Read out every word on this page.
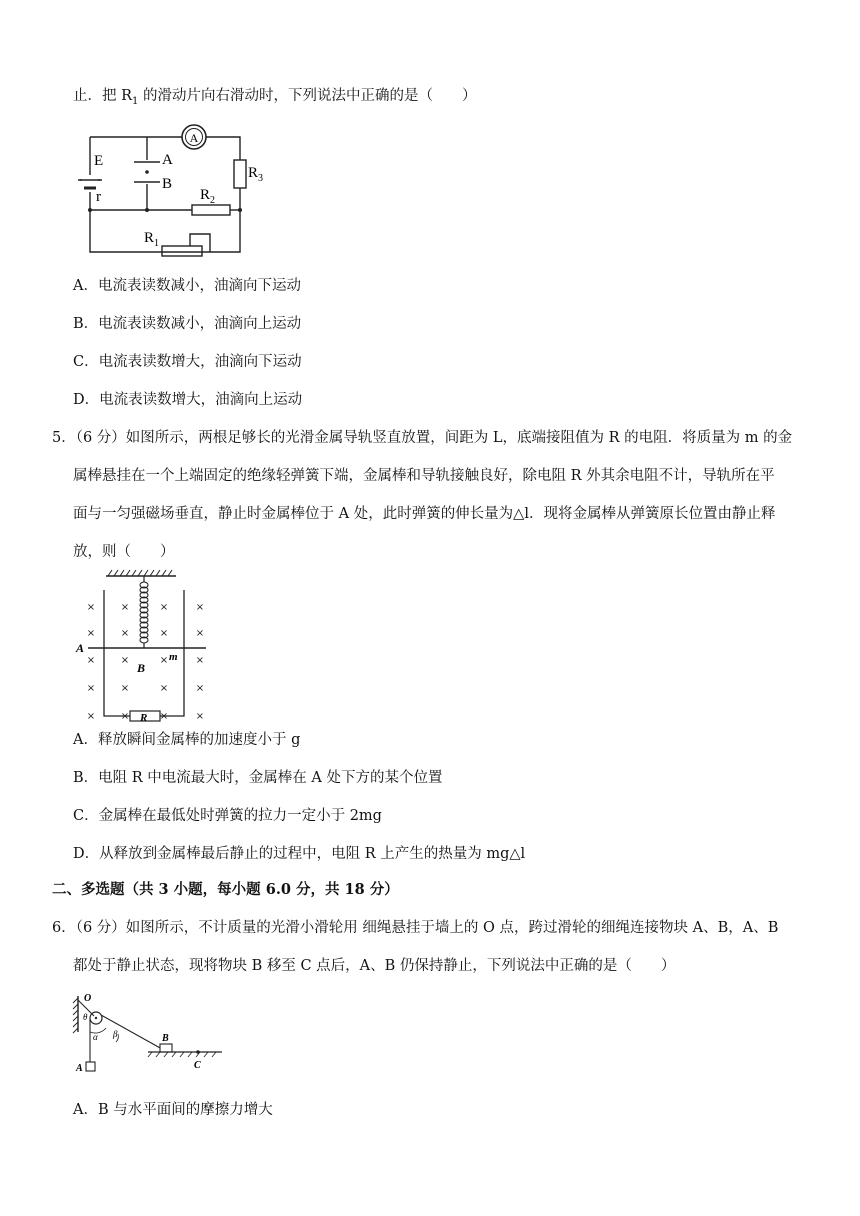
止．把 $R_1$ 的滑动片向右滑动时，下列说法中正确的是（　　）
A
E
r
A
B
$R_2$
$R_3$
$R_1$
A．电流表读数减小，油滴向下运动
B．电流表读数减小，油滴向上运动
C．电流表读数增大，油滴向下运动
D．电流表读数增大，油滴向上运动
5．（6 分）如图所示，两根足够长的光滑金属导轨竖直放置，间距为 L，底端接阻值为 R 的电阻．将质量为 m 的金
属棒悬挂在一个上端固定的绝缘轻弹簧下端，金属棒和导轨接触良好，除电阻 R 外其余电阻不计，导轨所在平
面与一匀强磁场垂直，静止时金属棒位于 A 处，此时弹簧的伸长量为△l．现将金属棒从弹簧原长位置由静止释
放，则（　　）
×	×	×	×
×	×	×	×
×	×	×	×
×	×	×	×
×	×	×	×
A
B
m
R
A．释放瞬间金属棒的加速度小于 g
B．电阻 R 中电流最大时，金属棒在 A 处下方的某个位置
C．金属棒在最低处时弹簧的拉力一定小于 2mg
D．从释放到金属棒最后静止的过程中，电阻 R 上产生的热量为 mg△l
二、多选题（共 3 小题，每小题 6.0 分，共 18 分）
6．（6 分）如图所示，不计质量的光滑小滑轮用 细绳悬挂于墙上的 O 点，跨过滑轮的细绳连接物块 A、B，A、B
都处于静止状态，现将物块 B 移至 C 点后，A、B 仍保持静止，下列说法中正确的是（　　）
O
θ
α β
A
B
C
A．B 与水平面间的摩擦力增大
